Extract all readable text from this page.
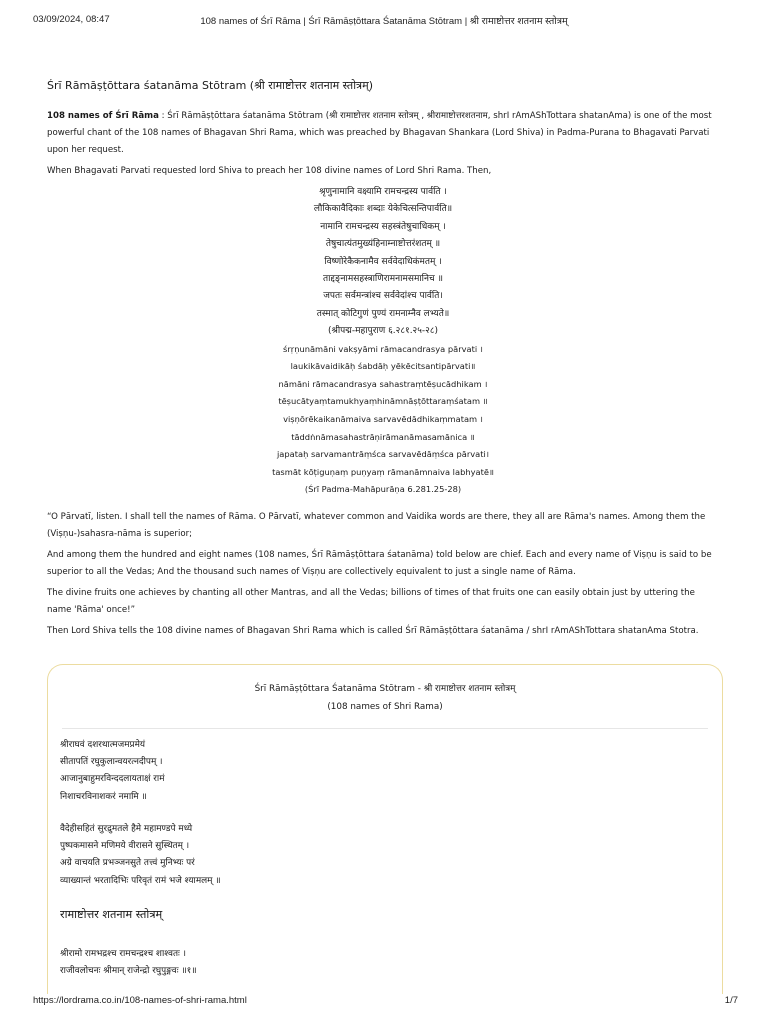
03/09/2024, 08:47	108 names of Śrī Rāma | Śrī Rāmāṣṭōttara Śatanāma Stōtram | श्री रामाष्टोत्तर शतनाम स्तोत्रम्
Śrī Rāmāṣṭōttara śatanāma Stōtram (श्री रामाष्टोत्तर शतनाम स्तोत्रम्)

108 names of Śrī Rāma : Śrī Rāmāṣṭōttara śatanāma Stōtram (श्री रामाष्टोत्तर शतनाम स्तोत्रम् , श्रीरामाष्टोत्तरशतनाम, shrI rAmAShTottara shatanAma) is one of the most powerful chant of the 108 names of Bhagavan Shri Rama, which was preached by Bhagavan Shankara (Lord Shiva) in Padma-Purana to Bhagavati Parvati upon her request.

When Bhagavati Parvati requested lord Shiva to preach her 108 divine names of Lord Shri Rama. Then,

श्रृणुनामानि वक्ष्यामि रामचन्द्रस्य पार्वति ।
लौकिकावैदिकाः शब्दाः येकेचित्सन्तिपार्वति॥
नामानि रामचन्द्रस्य सहस्त्रंतेषुचाधिकम् ।
तेषुचात्यंतमुख्यंहिनाम्नाष्टोत्तरंशतम् ॥
विष्णोरेकैकनामैव सर्ववेदाधिकंमतम् ।
ताद्दङ्नामसहस्त्राणिरामनामसमानिच ॥
जपतः सर्वमन्त्रांश्च सर्ववेदांश्च पार्वति।
तस्मात् कोटिगुणं पुण्यं रामनाम्नैव लभ्यते॥
(श्रीपद्म-महापुराण ६.२८१.२५-२८)
śrṛṇunāmāni vakṣyāmi rāmacandrasya pārvati ।
laukikāvaidikāḥ śabdāḥ yēkēcitsantipārvati॥
nāmāni rāmacandrasya sahastraṃtēṣucādhikam ।
tēṣucātyaṃtamukhyaṃhināmnāṣṭōttaraṃśatam ॥
viṣṇōrēkaikanāmaiva sarvavēdādhikaṃmatam ।
tāddṅnāmasahastrāṇirāmanāmasamānica ॥
japataḥ sarvamantrāṃśca sarvavēdāṃśca pārvati।
tasmāt kōṭiguṇaṃ puṇyaṃ rāmanāmnaiva labhyatē॥
(Śrī Padma-Mahāpurāṇa 6.281.25-28)

“O Pārvatī, listen. I shall tell the names of Rāma. O Pārvatī, whatever common and Vaidika words are there, they all are Rāma's names. Among them the (Viṣṇu-)sahasra-nāma is superior;

And among them the hundred and eight names (108 names, Śrī Rāmāṣṭōttara śatanāma) told below are chief. Each and every name of Viṣṇu is said to be superior to all the Vedas; And the thousand such names of Viṣṇu are collectively equivalent to just a single name of Rāma.

The divine fruits one achieves by chanting all other Mantras, and all the Vedas; billions of times of that fruits one can easily obtain just by uttering the name 'Rāma' once!”

Then Lord Shiva tells the 108 divine names of Bhagavan Shri Rama which is called Śrī Rāmāṣṭōttara śatanāma / shrI rAmAShTottara shatanAma Stotra.

Śrī Rāmāṣṭōttara Śatanāma Stōtram - श्री रामाष्टोत्तर शतनाम स्तोत्रम्
(108 names of Shri Rama)
श्रीराघवं दशरथात्मजमप्रमेयं
सीतापतिं रघुकुलान्वयरत्नदीपम् ।
आजानुबाहुमरविन्ददलायताक्षं रामं
निशाचरविनाशकरं नमामि ॥
वैदेहीसहितं सुरद्रुमतले हैमे महामण्डपे मध्ये
पुष्पकमासने मणिमये वीरासने सुस्थितम् ।
अग्रे वाचयति प्रभञ्जनसुते तत्त्वं मुनिभ्यः परं
व्याख्यान्तं भरतादिभिः परिवृतं रामं भजे श्यामलम् ॥
रामाष्टोत्तर शतनाम स्तोत्रम्
श्रीरामो रामभद्रश्च रामचन्द्रश्च शाश्वतः ।
राजीवलोचनः श्रीमान् राजेन्द्रो रघुपुङ्गवः ॥१॥
https://lordrama.co.in/108-names-of-shri-rama.html	1/7
